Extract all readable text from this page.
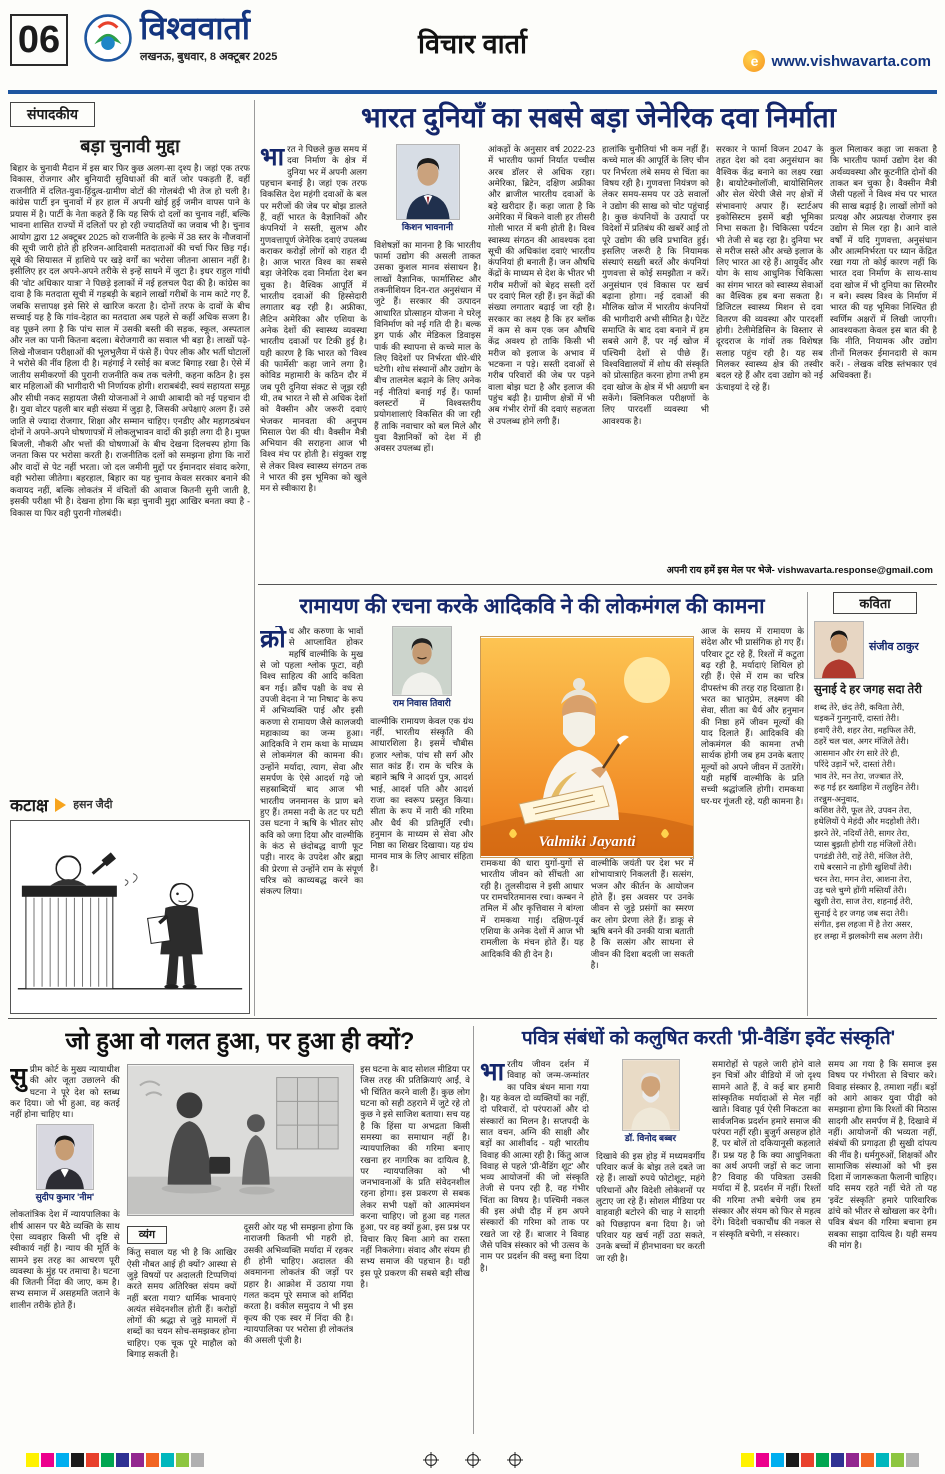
06 विश्ववार्ता
लखनऊ, बुधवार, 8 अक्टूबर 2025	विचार वार्ता
e www.vishwavarta.com
संपादकीय
बड़ा चुनावी मुद्दा

बिहार के चुनावी मैदान में इस बार फिर कुछ अलग-सा दृश्य है। जहां एक तरफ विकास, रोजगार और बुनियादी सुविधाओं की बातें जोर पकड़ती हैं, वहीं राजनीति में दलित-युवा-हिंदुत्व-ग्रामीण वोटों की गोलबंदी भी तेज हो चली है। कांग्रेस पार्टी इन चुनावों में हर हाल में अपनी खोई हुई जमीन वापस पाने के प्रयास में है। पार्टी के नेता कहते हैं कि यह सिर्फ दो दलों का चुनाव नहीं, बल्कि भावना शासित राज्यों में दलितों पर हो रही ज्यादतियों का जवाब भी है। चुनाव आयोग द्वारा 12 अक्टूबर 2025 को राजनीति के हल्के में 38 स्तर के नौजवानों की सूची जारी होते ही हरिजन-आदिवासी मतदाताओं की चर्चा फिर छिड़ गई। सूबे की सियासत में हाशिये पर खड़े वर्गों का भरोसा जीतना आसान नहीं है। इसीलिए हर दल अपने-अपने तरीके से इन्हें साधने में जुटा है। इधर राहुल गांधी की 'वोट अधिकार यात्रा' ने पिछड़े इलाकों में नई हलचल पैदा की है। कांग्रेस का दावा है कि मतदाता सूची में गड़बड़ी के बहाने लाखों गरीबों के नाम काटे गए हैं, जबकि सत्तापक्ष इसे सिरे से खारिज करता है। दोनों तरफ के दावों के बीच सच्चाई यह है कि गांव-देहात का मतदाता अब पहले से कहीं अधिक सजग है। वह पूछने लगा है कि पांच साल में उसकी बस्ती की सड़क, स्कूल, अस्पताल और नल का पानी कितना बदला। बेरोजगारी का सवाल भी बड़ा है। लाखों पढ़े-लिखे नौजवान परीक्षाओं की भूलभुलैया में फंसे हैं। पेपर लीक और भर्ती घोटालों ने भरोसे की नींव हिला दी है। महंगाई ने रसोई का बजट बिगाड़ रखा है। ऐसे में जातीय समीकरणों की पुरानी राजनीति कब तक चलेगी, कहना कठिन है। इस बार महिलाओं की भागीदारी भी निर्णायक होगी। शराबबंदी, स्वयं सहायता समूह और सीधी नकद सहायता जैसी योजनाओं ने आधी आबादी को नई पहचान दी है। युवा वोटर पहली बार बड़ी संख्या में जुड़ा है, जिसकी अपेक्षाएं अलग हैं। उसे जाति से ज्यादा रोजगार, शिक्षा और सम्मान चाहिए। एनडीए और महागठबंधन दोनों ने अपने-अपने घोषणापत्रों में लोकलुभावन वादों की झड़ी लगा दी है। मुफ्त बिजली, नौकरी और भत्तों की घोषणाओं के बीच देखना दिलचस्प होगा कि जनता किस पर भरोसा करती है। राजनीतिक दलों को समझना होगा कि नारों और वादों से पेट नहीं भरता। जो दल जमीनी मुद्दों पर ईमानदार संवाद करेगा, वही भरोसा जीतेगा। बहरहाल, बिहार का यह चुनाव केवल सरकार बनाने की कवायद नहीं, बल्कि लोकतंत्र में वंचितों की आवाज कितनी सुनी जाती है, इसकी परीक्षा भी है। देखना होगा कि बड़ा चुनावी मुद्दा आखिर बनता क्या है - विकास या फिर वही पुरानी गोलबंदी।

कटाक्ष हसन जैदी
भारत दुनियाँ का सबसे बड़ा जेनेरिक दवा निर्माता

भारत ने पिछले कुछ समय में दवा निर्माण के क्षेत्र में दुनिया भर में अपनी अलग पहचान बनाई है। जहां एक तरफ विकसित देश महंगी दवाओं के बल पर मरीजों की जेब पर बोझ डालते हैं, वहीं भारत के वैज्ञानिकों और कंपनियों ने सस्ती, सुलभ और गुणवत्तापूर्ण जेनेरिक दवाएं उपलब्ध कराकर करोड़ों लोगों को राहत दी है। आज भारत विश्व का सबसे बड़ा जेनेरिक दवा निर्माता देश बन चुका है। वैश्विक आपूर्ति में भारतीय दवाओं की हिस्सेदारी लगातार बढ़ रही है। अफ्रीका, लैटिन अमेरिका और एशिया के अनेक देशों की स्वास्थ्य व्यवस्था भारतीय दवाओं पर टिकी हुई है। यही कारण है कि भारत को 'विश्व की फार्मेसी' कहा जाने लगा है। कोविड महामारी के कठिन दौर में जब पूरी दुनिया संकट से जूझ रही थी, तब भारत ने सौ से अधिक देशों को वैक्सीन और जरूरी दवाएं भेजकर मानवता की अनुपम मिसाल पेश की थी। वैक्सीन मैत्री अभियान की सराहना आज भी विश्व मंच पर होती है। संयुक्त राष्ट्र से लेकर विश्व स्वास्थ्य संगठन तक ने भारत की इस भूमिका को खुले मन से स्वीकारा है।

किशन भावनानी

विशेषज्ञों का मानना है कि भारतीय फार्मा उद्योग की असली ताकत उसका कुशल मानव संसाधन है। लाखों वैज्ञानिक, फार्मासिस्ट और तकनीशियन दिन-रात अनुसंधान में जुटे हैं। सरकार की उत्पादन आधारित प्रोत्साहन योजना ने घरेलू विनिर्माण को नई गति दी है। बल्क ड्रग पार्क और मेडिकल डिवाइस पार्क की स्थापना से कच्चे माल के लिए विदेशों पर निर्भरता धीरे-धीरे घटेगी। शोध संस्थानों और उद्योग के बीच तालमेल बढ़ाने के लिए अनेक नई नीतियां बनाई गई हैं। फार्मा क्लस्टरों में विश्वस्तरीय प्रयोगशालाएं विकसित की जा रही हैं ताकि नवाचार को बल मिले और युवा वैज्ञानिकों को देश में ही अवसर उपलब्ध हों।

आंकड़ों के अनुसार वर्ष 2022-23 में भारतीय फार्मा निर्यात पच्चीस अरब डॉलर से अधिक रहा। अमेरिका, ब्रिटेन, दक्षिण अफ्रीका और ब्राजील भारतीय दवाओं के बड़े खरीदार हैं। कहा जाता है कि अमेरिका में बिकने वाली हर तीसरी गोली भारत में बनी होती है। विश्व स्वास्थ्य संगठन की आवश्यक दवा सूची की अधिकांश दवाएं भारतीय कंपनियां ही बनाती हैं। जन औषधि केंद्रों के माध्यम से देश के भीतर भी गरीब मरीजों को बेहद सस्ती दरों पर दवाएं मिल रही हैं। इन केंद्रों की संख्या लगातार बढ़ाई जा रही है। सरकार का लक्ष्य है कि हर ब्लॉक में कम से कम एक जन औषधि केंद्र अवश्य हो ताकि किसी भी मरीज को इलाज के अभाव में भटकना न पड़े। सस्ती दवाओं से गरीब परिवारों की जेब पर पड़ने वाला बोझ घटा है और इलाज की पहुंच बढ़ी है। ग्रामीण क्षेत्रों में भी अब गंभीर रोगों की दवाएं सहजता से उपलब्ध होने लगी हैं।

हालांकि चुनौतियां भी कम नहीं हैं। कच्चे माल की आपूर्ति के लिए चीन पर निर्भरता लंबे समय से चिंता का विषय रही है। गुणवत्ता नियंत्रण को लेकर समय-समय पर उठे सवालों ने उद्योग की साख को चोट पहुंचाई है। कुछ कंपनियों के उत्पादों पर विदेशों में प्रतिबंध की खबरें आईं तो पूरे उद्योग की छवि प्रभावित हुई। इसलिए जरूरी है कि नियामक संस्थाएं सख्ती बरतें और कंपनियां गुणवत्ता से कोई समझौता न करें। अनुसंधान एवं विकास पर खर्च बढ़ाना होगा। नई दवाओं की मौलिक खोज में भारतीय कंपनियों की भागीदारी अभी सीमित है। पेटेंट समाप्ति के बाद दवा बनाने में हम सबसे आगे हैं, पर नई खोज में पश्चिमी देशों से पीछे हैं। विश्वविद्यालयों में शोध की संस्कृति को प्रोत्साहित करना होगा तभी हम दवा खोज के क्षेत्र में भी अग्रणी बन सकेंगे। क्लिनिकल परीक्षणों के लिए पारदर्शी व्यवस्था भी आवश्यक है।

सरकार ने फार्मा विजन 2047 के तहत देश को दवा अनुसंधान का वैश्विक केंद्र बनाने का लक्ष्य रखा है। बायोटेक्नोलॉजी, बायोसिमिलर और सेल थेरेपी जैसे नए क्षेत्रों में संभावनाएं अपार हैं। स्टार्टअप इकोसिस्टम इसमें बड़ी भूमिका निभा सकता है। चिकित्सा पर्यटन भी तेजी से बढ़ रहा है। दुनिया भर से मरीज सस्ते और अच्छे इलाज के लिए भारत आ रहे हैं। आयुर्वेद और योग के साथ आधुनिक चिकित्सा का संगम भारत को स्वास्थ्य सेवाओं का वैश्विक हब बना सकता है। डिजिटल स्वास्थ्य मिशन से दवा वितरण की व्यवस्था और पारदर्शी होगी। टेलीमेडिसिन के विस्तार से दूरदराज के गांवों तक विशेषज्ञ सलाह पहुंच रही है। यह सब मिलकर स्वास्थ्य क्षेत्र की तस्वीर बदल रहे हैं और दवा उद्योग को नई ऊंचाइयां दे रहे हैं।

कुल मिलाकर कहा जा सकता है कि भारतीय फार्मा उद्योग देश की अर्थव्यवस्था और कूटनीति दोनों की ताकत बन चुका है। वैक्सीन मैत्री जैसी पहलों ने विश्व मंच पर भारत की साख बढ़ाई है। लाखों लोगों को प्रत्यक्ष और अप्रत्यक्ष रोजगार इस उद्योग से मिल रहा है। आने वाले वर्षों में यदि गुणवत्ता, अनुसंधान और आत्मनिर्भरता पर ध्यान केंद्रित रखा गया तो कोई कारण नहीं कि भारत दवा निर्माण के साथ-साथ दवा खोज में भी दुनिया का सिरमौर न बने। स्वस्थ विश्व के निर्माण में भारत की यह भूमिका निश्चित ही स्वर्णिम अक्षरों में लिखी जाएगी। आवश्यकता केवल इस बात की है कि नीति, नियामक और उद्योग तीनों मिलकर ईमानदारी से काम करें। - लेखक वरिष्ठ स्तंभकार एवं अधिवक्ता हैं।

अपनी राय हमें इस मेल पर भेजे- vishwavarta.response@gmail.com
रामायण की रचना करके आदिकवि ने की लोकमंगल की कामना

क्रो ध और करुणा के भावों से आप्लावित होकर महर्षि वाल्मीकि के मुख से जो पहला श्लोक फूटा, वही विश्व साहित्य की आदि कविता बन गई। क्रौंच पक्षी के वध से उपजी वेदना ने 'मा निषाद' के रूप में अभिव्यक्ति पाई और इसी करुणा से रामायण जैसे कालजयी महाकाव्य का जन्म हुआ। आदिकवि ने राम कथा के माध्यम से लोकमंगल की कामना की। उन्होंने मर्यादा, त्याग, सेवा और समर्पण के ऐसे आदर्श गढ़े जो सहस्राब्दियों बाद आज भी भारतीय जनमानस के प्राण बने हुए हैं। तमसा नदी के तट पर घटी उस घटना ने ऋषि के भीतर सोए कवि को जगा दिया और वाल्मीकि के कंठ से छंदोबद्ध वाणी फूट पड़ी। नारद के उपदेश और ब्रह्मा की प्रेरणा से उन्होंने राम के संपूर्ण चरित्र को काव्यबद्ध करने का संकल्प लिया।

राम निवास तिवारी

वाल्मीकि रामायण केवल एक ग्रंथ नहीं, भारतीय संस्कृति की आधारशिला है। इसमें चौबीस हजार श्लोक, पांच सौ सर्ग और सात कांड हैं। राम के चरित्र के बहाने ऋषि ने आदर्श पुत्र, आदर्श भाई, आदर्श पति और आदर्श राजा का स्वरूप प्रस्तुत किया। सीता के रूप में नारी की गरिमा और धैर्य की प्रतिमूर्ति रची। हनुमान के माध्यम से सेवा और निष्ठा का शिखर दिखाया। यह ग्रंथ मानव मात्र के लिए आचार संहिता है।	रामकथा की धारा युगों-युगों से भारतीय जीवन को सींचती आ रही है। तुलसीदास ने इसी आधार पर रामचरितमानस रचा। कम्बन ने तमिल में और कृत्तिवास ने बांग्ला में रामकथा गाई। दक्षिण-पूर्व एशिया के अनेक देशों में आज भी रामलीला के मंचन होते हैं। यह आदिकवि की ही देन है।

वाल्मीकि जयंती पर देश भर में शोभायात्राएं निकलती हैं। सत्संग, भजन और कीर्तन के आयोजन होते हैं। इस अवसर पर उनके जीवन से जुड़े प्रसंगों का स्मरण कर लोग प्रेरणा लेते हैं। डाकू से ऋषि बनने की उनकी यात्रा बताती है कि सत्संग और साधना से जीवन की दिशा बदली जा सकती है।

आज के समय में रामायण के संदेश और भी प्रासंगिक हो गए हैं। परिवार टूट रहे हैं, रिश्तों में कटुता बढ़ रही है, मर्यादाएं शिथिल हो रही हैं। ऐसे में राम का चरित्र दीपस्तंभ की तरह राह दिखाता है। भरत का भ्रातृप्रेम, लक्ष्मण की सेवा, सीता का धैर्य और हनुमान की निष्ठा हमें जीवन मूल्यों की याद दिलाते हैं। आदिकवि की लोकमंगल की कामना तभी सार्थक होगी जब हम उनके बताए मूल्यों को अपने जीवन में उतारेंगे। यही महर्षि वाल्मीकि के प्रति सच्ची श्रद्धांजलि होगी। रामकथा घर-घर गूंजती रहे, यही कामना है।

Valmiki Jayanti
कविता
संजीव ठाकुर
सुनाई दे हर जगह सदा तेरी
शब्द तेरे, छंद तेरी, कविता तेरी,
धड़कनें गुनगुनाएँ, दास्तां तेरी।
हवाएँ तेरी, शहर तेरा, महफिल तेरी,
ठहरें चल चल, अगर मंजिलें तेरी।
आसमान और रंग सारे तेरे ही,
परिंदे उड़ानें भरें, दास्तां तेरी।
भाव तेरे, मन तेरा, जज्बात तेरे,
रूह गई हर ख्वाहिश में तलुहिन तेरी।
तरन्नुम-अनुवाद,
कशिश तेरी, फूल तेरे, उपवन तेरा,
हथेलियों पे मेहंदी और मदहोशी तेरी।
झरने तेरे, नदियाँ तेरी, सागर तेरा,
प्यास बुझती होगी राह मंजिलों तेरी।
पगडंडी तेरी, राहें तेरी, मंजिल तेरी,
राधे बरसाने ना होंगी खुशियाँ तेरी।
चरन तेरा, मगन तेरा, आशना तेरा,
उड़ चले चुग्गे होंगी मस्तियाँ तेरी।
खुशी तेरा, साज तेरा, शहनाई तेरी,
सुनाई दे हर जगह जब सदा तेरी।
संगीत, इस लहजा में है तेरा असर,
हर लम्हा में झलकोगी सब अलग तेरी।
जो हुआ वो गलत हुआ, पर हुआ ही क्यों?

सुप्रीम कोर्ट के मुख्य न्यायाधीश की ओर जूता उछालने की घटना ने पूरे देश को स्तब्ध कर दिया। जो भी हुआ, वह कतई नहीं होना चाहिए था।

सुदीप कुमार 'नीम'

लोकतांत्रिक देश में न्यायपालिका के शीर्ष आसन पर बैठे व्यक्ति के साथ ऐसा व्यवहार किसी भी दृष्टि से स्वीकार्य नहीं है। न्याय की मूर्ति के सामने इस तरह का आचरण पूरी व्यवस्था के मुंह पर तमाचा है। घटना की जितनी निंदा की जाए, कम है। सभ्य समाज में असहमति जताने के शालीन तरीके होते हैं।

व्यंग

किंतु सवाल यह भी है कि आखिर ऐसी नौबत आई ही क्यों? आस्था से जुड़े विषयों पर अदालती टिप्पणियां करते समय अतिरिक्त संयम क्यों नहीं बरता गया? धार्मिक भावनाएं अत्यंत संवेदनशील होती हैं। करोड़ों लोगों की श्रद्धा से जुड़े मामलों में शब्दों का चयन सोच-समझकर होना चाहिए। एक चूक पूरे माहौल को बिगाड़ सकती है।

दूसरी ओर यह भी समझना होगा कि नाराजगी कितनी भी गहरी हो, उसकी अभिव्यक्ति मर्यादा में रहकर ही होनी चाहिए। अदालत की अवमानना लोकतंत्र की जड़ों पर प्रहार है। आक्रोश में उठाया गया गलत कदम पूरे समाज को शर्मिंदा करता है। वकील समुदाय ने भी इस कृत्य की एक स्वर में निंदा की है। न्यायपालिका पर भरोसा ही लोकतंत्र की असली पूंजी है।

इस घटना के बाद सोशल मीडिया पर जिस तरह की प्रतिक्रियाएं आईं, वे भी चिंतित करने वाली हैं। कुछ लोग घटना को सही ठहराने में जुटे रहे तो कुछ ने इसे साजिश बताया। सच यह है कि हिंसा या अभद्रता किसी समस्या का समाधान नहीं है। न्यायपालिका की गरिमा बनाए रखना हर नागरिक का दायित्व है, पर न्यायपालिका को भी जनभावनाओं के प्रति संवेदनशील रहना होगा। इस प्रकरण से सबक लेकर सभी पक्षों को आत्ममंथन करना चाहिए। जो हुआ वह गलत हुआ, पर वह क्यों हुआ, इस प्रश्न पर विचार किए बिना आगे का रास्ता नहीं निकलेगा। संवाद और संयम ही सभ्य समाज की पहचान है। यही इस पूरे प्रकरण की सबसे बड़ी सीख है।

पवित्र संबंधों को कलुषित करती 'प्री-वैडिंग इवेंट संस्कृति'

भारतीय जीवन दर्शन में विवाह को जन्म-जन्मांतर का पवित्र बंधन माना गया है। यह केवल दो व्यक्तियों का नहीं, दो परिवारों, दो परंपराओं और दो संस्कारों का मिलन है। सप्तपदी के सात वचन, अग्नि की साक्षी और बड़ों का आशीर्वाद - यही भारतीय विवाह की आत्मा रही है। किंतु आज विवाह से पहले 'प्री-वैडिंग शूट' और भव्य आयोजनों की जो संस्कृति तेजी से पनप रही है, वह गंभीर चिंता का विषय है। पश्चिमी नकल की इस अंधी दौड़ में हम अपने संस्कारों की गरिमा को ताक पर रखते जा रहे हैं। बाजार ने विवाह जैसे पवित्र संस्कार को भी उत्सव के नाम पर प्रदर्शन की वस्तु बना दिया है।

डॉ. विनोद बब्बर

दिखावे की इस होड़ में मध्यमवर्गीय परिवार कर्ज के बोझ तले दबते जा रहे हैं। लाखों रुपये फोटोशूट, महंगे परिधानों और विदेशी लोकेशनों पर लुटाए जा रहे हैं। सोशल मीडिया पर वाहवाही बटोरने की चाह ने सादगी को पिछड़ापन बना दिया है। जो परिवार यह खर्च नहीं उठा सकते, उनके बच्चों में हीनभावना घर करती जा रही है।

समारोहों से पहले जारी होने वाले इन चित्रों और वीडियो में जो दृश्य सामने आते हैं, वे कई बार हमारी सांस्कृतिक मर्यादाओं से मेल नहीं खाते। विवाह पूर्व ऐसी निकटता का सार्वजनिक प्रदर्शन हमारे समाज की परंपरा नहीं रही। बुजुर्ग असहज होते हैं, पर बोलें तो दकियानूसी कहलाते हैं। प्रश्न यह है कि क्या आधुनिकता का अर्थ अपनी जड़ों से कट जाना है? विवाह की पवित्रता उसकी मर्यादा में है, प्रदर्शन में नहीं। रिश्तों की गरिमा तभी बचेगी जब हम संस्कार और संयम को फिर से महत्व देंगे। विदेशी चकाचौंध की नकल से न संस्कृति बचेगी, न संस्कार।

समय आ गया है कि समाज इस विषय पर गंभीरता से विचार करे। विवाह संस्कार है, तमाशा नहीं। बड़ों को आगे आकर युवा पीढ़ी को समझाना होगा कि रिश्तों की मिठास सादगी और समर्पण में है, दिखावे में नहीं। आयोजनों की भव्यता नहीं, संबंधों की प्रगाढ़ता ही सुखी दांपत्य की नींव है। धर्मगुरुओं, शिक्षकों और सामाजिक संस्थाओं को भी इस दिशा में जागरूकता फैलानी चाहिए। यदि समय रहते नहीं चेते तो यह 'इवेंट संस्कृति' हमारे पारिवारिक ढांचे को भीतर से खोखला कर देगी। पवित्र बंधन की गरिमा बचाना हम सबका साझा दायित्व है। यही समय की मांग है।
